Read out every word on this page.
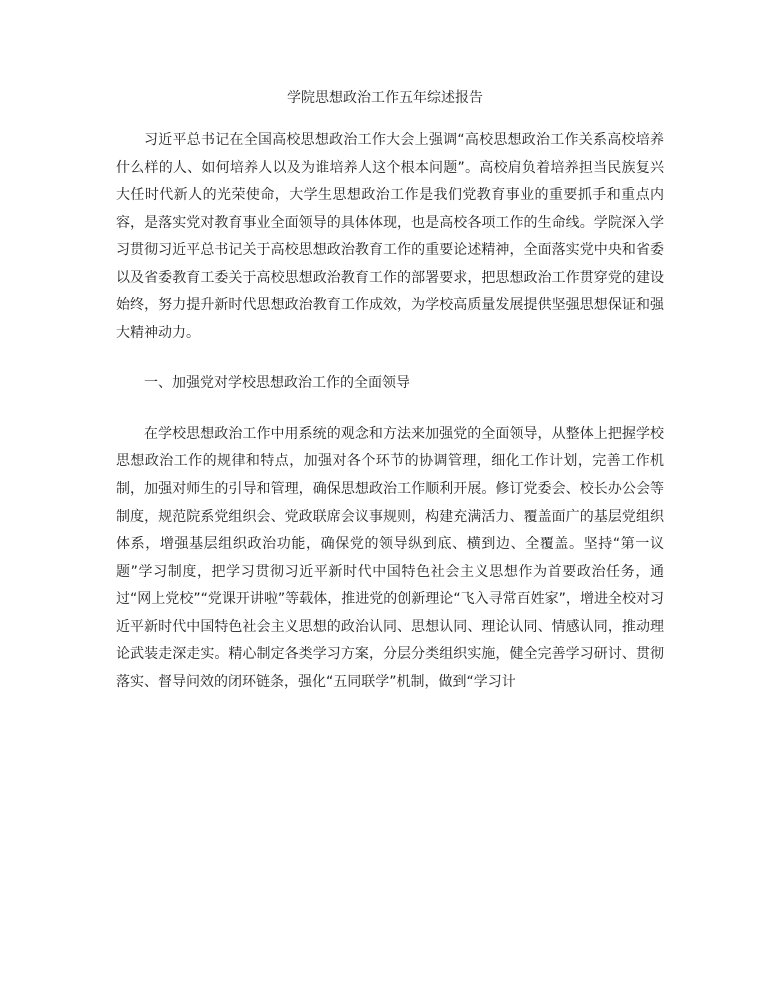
学院思想政治工作五年综述报告

习近平总书记在全国高校思想政治工作大会上强调“高校思想政治工作关系高校培养什么样的人、如何培养人以及为谁培养人这个根本问题”。高校肩负着培养担当民族复兴大任时代新人的光荣使命，大学生思想政治工作是我们党教育事业的重要抓手和重点内容，是落实党对教育事业全面领导的具体体现，也是高校各项工作的生命线。学院深入学习贯彻习近平总书记关于高校思想政治教育工作的重要论述精神，全面落实党中央和省委以及省委教育工委关于高校思想政治教育工作的部署要求，把思想政治工作贯穿党的建设始终，努力提升新时代思想政治教育工作成效，为学校高质量发展提供坚强思想保证和强大精神动力。

一、加强党对学校思想政治工作的全面领导

在学校思想政治工作中用系统的观念和方法来加强党的全面领导，从整体上把握学校思想政治工作的规律和特点，加强对各个环节的协调管理，细化工作计划，完善工作机制，加强对师生的引导和管理，确保思想政治工作顺利开展。修订党委会、校长办公会等制度，规范院系党组织会、党政联席会议事规则，构建充满活力、覆盖面广的基层党组织体系，增强基层组织政治功能，确保党的领导纵到底、横到边、全覆盖。坚持“第一议题”学习制度，把学习贯彻习近平新时代中国特色社会主义思想作为首要政治任务，通过“网上党校”“党课开讲啦”等载体，推进党的创新理论“飞入寻常百姓家”，增进全校对习近平新时代中国特色社会主义思想的政治认同、思想认同、理论认同、情感认同，推动理论武装走深走实。精心制定各类学习方案，分层分类组织实施，健全完善学习研讨、贯彻落实、督导问效的闭环链条，强化“五同联学”机制，做到“学习计
